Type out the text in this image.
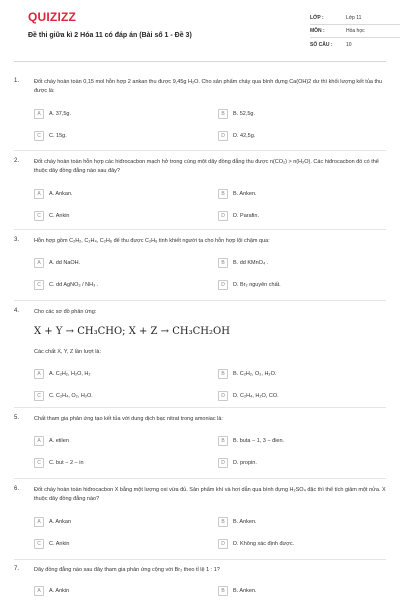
QUIZIZZ
Đề thi giữa kì 2 Hóa 11 có đáp án (Bài số 1 - Đề 3)
LỚP :	Lớp 11
MÔN :	Hóa học
SỐ CÂU :	10
1.	Đốt cháy hoàn toàn 0,15 mol hỗn hợp 2 ankan thu được 9,45g H₂O. Cho sản phẩm cháy qua bình đựng Ca(OH)2 dư thì khối lượng kết tủa thu được là:
A	A. 37,5g.	B	B. 52,5g.
C	C. 15g.	D	D. 42,5g.
2.	Đốt cháy hoàn toàn hỗn hợp các hiđrocacbon mạch hở trong cùng một dãy đồng đẳng thu được n(CO₂) > n(H₂O). Các hiđrocacbon đó có thể thuộc dãy đồng đẳng nào sau đây?
A	A. Ankan.	B	B. Anken.
C	C. Ankin	D	D. Parafin.
3.	Hỗn hợp gồm C₂H₂, C₂H₄, C₂H₆ để thu được C₂H₆ tinh khiết người ta cho hỗn hợp lội chậm qua:
A	A. dd NaOH.	B	B. dd KMnO₄ .
C	C. dd AgNO₃ / NH₃ .	D	D. Br₂ nguyên chất.
4.	Cho các sơ đồ phản ứng:
X + Y → CH₃CHO; X + Z → CH₃CH₂OH
Các chất X, Y, Z lần lượt là:
A	A. C₂H₂, H₂O, H₂	B	B. C₂H₂, O₂, H₂O.
C	C. C₂H₄, O₂, H₂O.	D	D. C₂H₄, H₂O, CO.
5.	Chất tham gia phản ứng tạo kết tủa với dung dịch bạc nitrat trong amoniac là:
A	A. etilen	B	B. buta − 1, 3 − đien.
C	C. but − 2 − in	D	D. propin.
6.	Đốt cháy hoàn toàn hiđrocacbon X bằng một lượng oxi vừa đủ. Sản phẩm khí và hơi dẫn qua bình đựng H₂SO₄ đặc thì thể tích giảm một nửa. X thuộc dãy đồng đẳng nào?
A	A. Ankan	B	B. Anken.
C	C. Ankin	D	D. Không xác định được.
7.	Dãy đồng đẳng nào sau đây tham gia phản ứng cộng với Br₂ theo tỉ lệ 1 : 1?
A	A. Ankin	B	B. Anken.
